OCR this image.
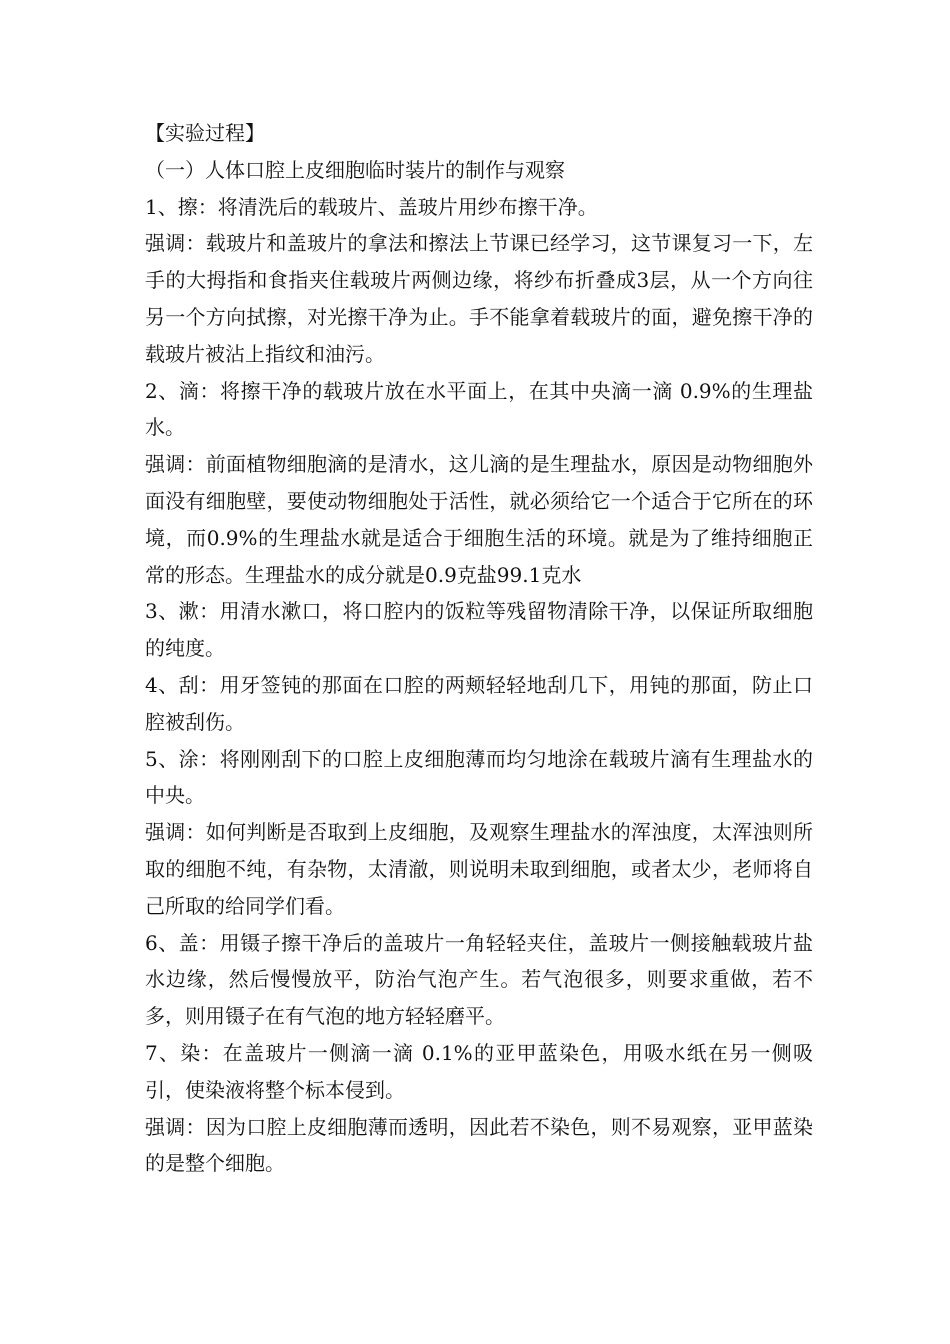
【实验过程】

（一）人体口腔上皮细胞临时装片的制作与观察

1、擦：将清洗后的载玻片、盖玻片用纱布擦干净。

强调：载玻片和盖玻片的拿法和擦法上节课已经学习，这节课复习一下，左手的大拇指和食指夹住载玻片两侧边缘，将纱布折叠成3层，从一个方向往另一个方向拭擦，对光擦干净为止。手不能拿着载玻片的面，避免擦干净的载玻片被沾上指纹和油污。

2、滴：将擦干净的载玻片放在水平面上，在其中央滴一滴 0.9%的生理盐水。

强调：前面植物细胞滴的是清水，这儿滴的是生理盐水，原因是动物细胞外面没有细胞壁，要使动物细胞处于活性，就必须给它一个适合于它所在的环境，而0.9%的生理盐水就是适合于细胞生活的环境。就是为了维持细胞正常的形态。生理盐水的成分就是0.9克盐99.1克水

3、漱：用清水漱口，将口腔内的饭粒等残留物清除干净，以保证所取细胞的纯度。

4、刮：用牙签钝的那面在口腔的两颊轻轻地刮几下，用钝的那面，防止口腔被刮伤。

5、涂：将刚刚刮下的口腔上皮细胞薄而均匀地涂在载玻片滴有生理盐水的中央。

强调：如何判断是否取到上皮细胞，及观察生理盐水的浑浊度，太浑浊则所取的细胞不纯，有杂物，太清澈，则说明未取到细胞，或者太少，老师将自己所取的给同学们看。

6、盖：用镊子擦干净后的盖玻片一角轻轻夹住，盖玻片一侧接触载玻片盐水边缘，然后慢慢放平，防治气泡产生。若气泡很多，则要求重做，若不多，则用镊子在有气泡的地方轻轻磨平。

7、染：在盖玻片一侧滴一滴 0.1%的亚甲蓝染色，用吸水纸在另一侧吸引，使染液将整个标本侵到。

强调：因为口腔上皮细胞薄而透明，因此若不染色，则不易观察，亚甲蓝染的是整个细胞。
